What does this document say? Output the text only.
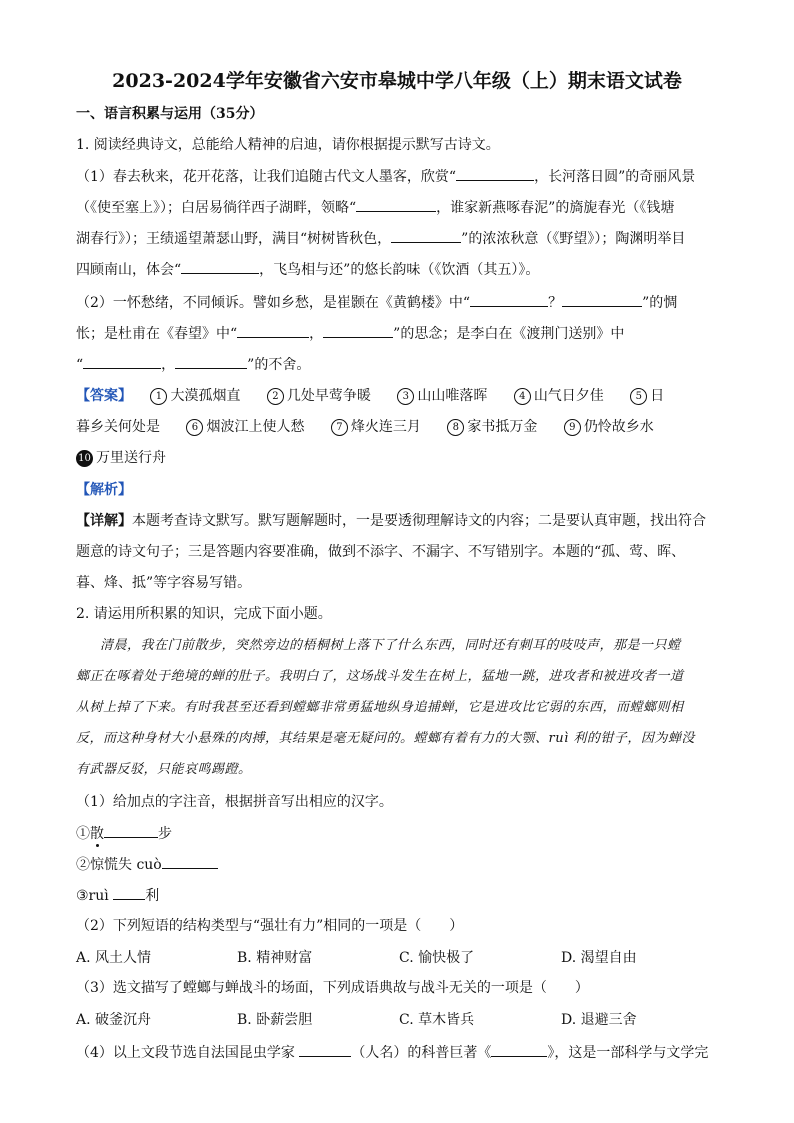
2023-2024学年安徽省六安市皋城中学八年级（上）期末语文试卷
一、语言积累与运用（35分）
1. 阅读经典诗文，总能给人精神的启迪，请你根据提示默写古诗文。
（1）春去秋来，花开花落，让我们追随古代文人墨客，欣赏“	，长河落日圆”的奇丽风景
（《使至塞上》）；白居易徜徉西子湖畔，领略“	，谁家新燕啄春泥”的旖旎春光（《钱塘
湖春行》）；王绩遥望萧瑟山野，满目“树树皆秋色，	”的浓浓秋意（《野望》）；陶渊明举目
四顾南山，体会“	，飞鸟相与还”的悠长韵味（《饮酒（其五）》。
（2）一怀愁绪，不同倾诉。譬如乡愁，是崔颢在《黄鹤楼》中“	？	”的惆
怅；是杜甫在《春望》中“	，	”的思念；是李白在《渡荆门送别》中
“	，	”的不舍。
【答案】 1 大漠孤烟直	2 几处早莺争暖	3 山山唯落晖	4 山气日夕佳	5 日
暮乡关何处是	6 烟波江上使人愁	7 烽火连三月	8 家书抵万金	9 仍怜故乡水
10 万里送行舟
【解析】
【详解】本题考查诗文默写。默写题解题时，一是要透彻理解诗文的内容；二是要认真审题，找出符合
题意的诗文句子；三是答题内容要准确，做到不添字、不漏字、不写错别字。本题的“孤、莺、晖、
暮、烽、抵”等字容易写错。
2. 请运用所积累的知识，完成下面小题。
清晨，我在门前散步，突然旁边的梧桐树上落下了什么东西，同时还有刺耳的吱吱声，那是一只螳
螂正在啄着处于绝境的蝉的肚子。我明白了，这场战斗发生在树上，猛地一跳，进攻者和被进攻者一道
从树上掉了下来。有时我甚至还看到螳螂非常勇猛地纵身追捕蝉，它是进攻比它弱的东西，而螳螂则相
反，而这种身材大小悬殊的肉搏，其结果是毫无疑问的。螳螂有着有力的大颚、ruì 利的钳子，因为蝉没
有武器反驳，只能哀鸣踢蹬。
（1）给加点的字注音，根据拼音写出相应的汉字。
①散	步
②惊慌失 cuò
③ruì	利
（2）下列短语的结构类型与“强壮有力”相同的一项是（　　）
A. 风土人情	B. 精神财富	C. 愉快极了	D. 渴望自由
（3）选文描写了螳螂与蝉战斗的场面，下列成语典故与战斗无关的一项是（　　）
A. 破釜沉舟	B. 卧薪尝胆	C. 草木皆兵	D. 退避三舍
（4）以上文段节选自法国昆虫学家	（人名）的科普巨著《	》，这是一部科学与文学完
